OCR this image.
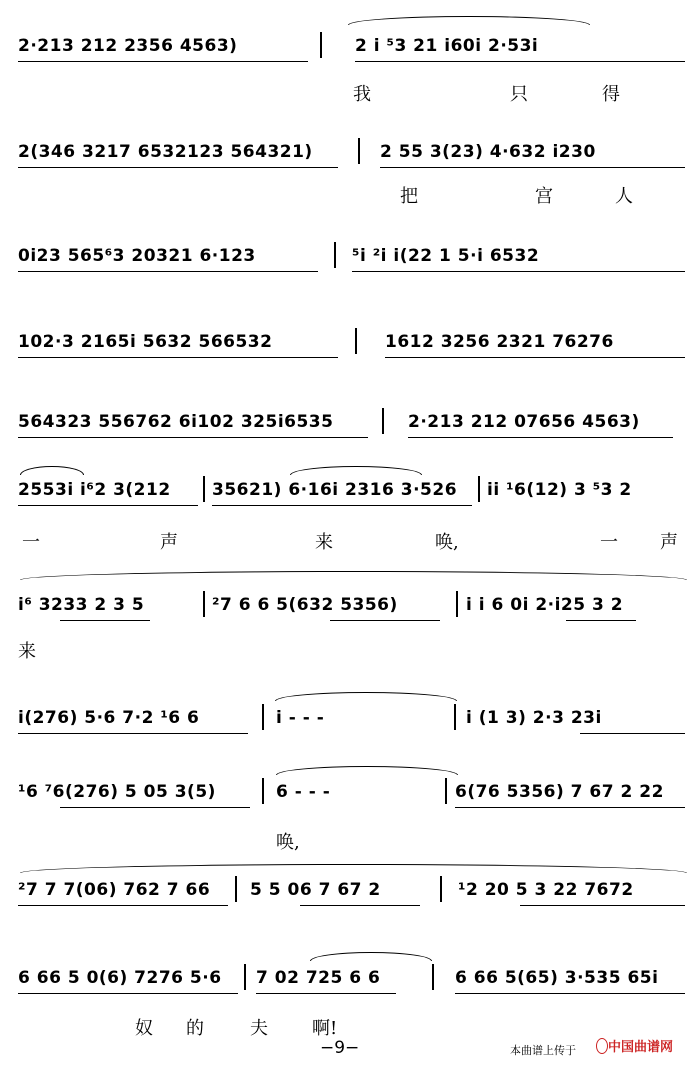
2·213 212 2356 4563)	2 i ⁵3 21 i60i 2·53i
我	只	得
2(346 3217 6532123 564321)	2 55 3(23) 4·632 i230
把	宫	人
0i23 565⁶3 20321 6·123	⁵i ²i i(22 1 5·i 6532
102·3 2165i 5632 566532	1612 3256 2321 76276
564323 556762 6i102 325i6535	2·213 212 07656 4563)
2553i i⁶2 3(212 35621) 6·16i 2316 3·526 ii ¹6(12) 3 ⁵3 2
一	声	来	唤,	一 声
i⁶ 3233 2 3 5	²7 6 6 5(632 5356)	i i 6 0i 2·i25 3 2
来
i(276) 5·6 7·2 ¹6 6	i - - -	i (1 3) 2·3 23i
¹6 ⁷6(276) 5 05 3(5)	6 - - -	6(76 5356) 7 67 2 22
唤,
²7 7 7(06) 762 7 66 5 5 06 7 67 2	¹2 20 5 3 22 7672
6 66 5 0(6) 7276 5·6 7 02 725 6 6	6 66 5(65) 3·535 65i
奴 的	夫 啊!
−9−	本曲谱上传于 中国曲谱网
